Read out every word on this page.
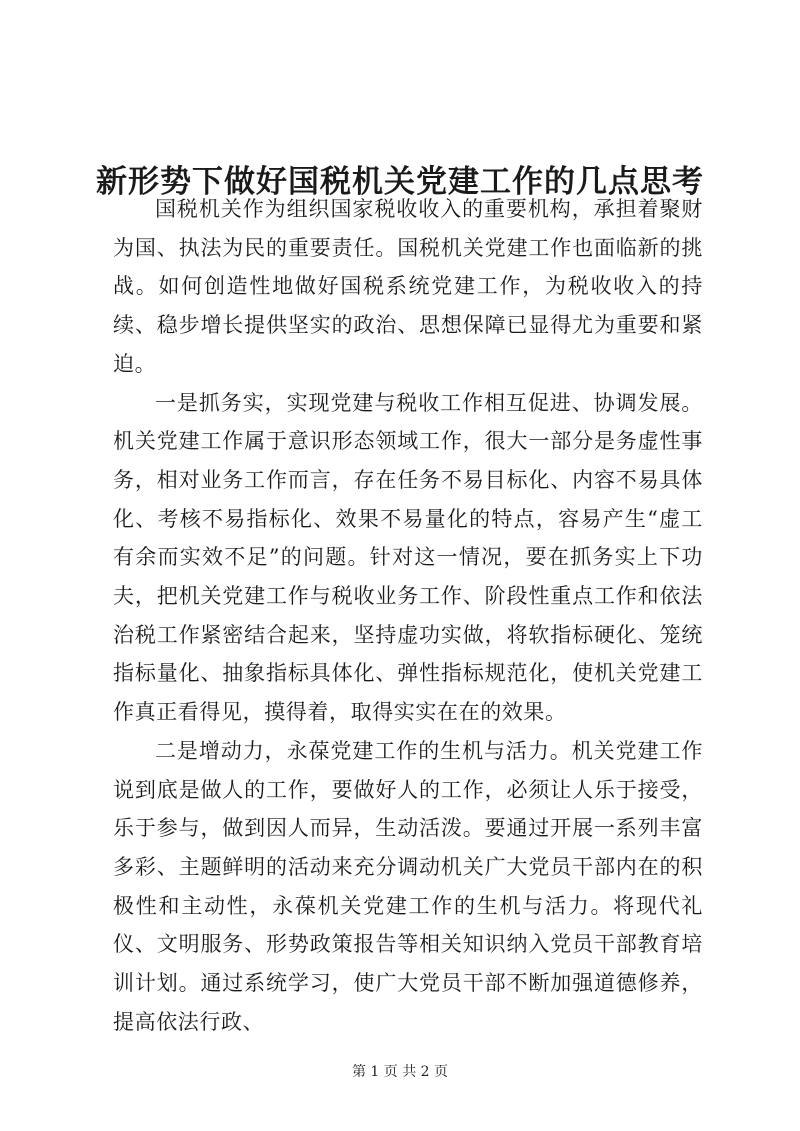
新形势下做好国税机关党建工作的几点思考

国税机关作为组织国家税收收入的重要机构，承担着聚财为国、执法为民的重要责任。国税机关党建工作也面临新的挑战。如何创造性地做好国税系统党建工作，为税收收入的持续、稳步增长提供坚实的政治、思想保障已显得尤为重要和紧迫。

一是抓务实，实现党建与税收工作相互促进、协调发展。机关党建工作属于意识形态领域工作，很大一部分是务虚性事务，相对业务工作而言，存在任务不易目标化、内容不易具体化、考核不易指标化、效果不易量化的特点，容易产生“虚工有余而实效不足”的问题。针对这一情况，要在抓务实上下功夫，把机关党建工作与税收业务工作、阶段性重点工作和依法治税工作紧密结合起来，坚持虚功实做，将软指标硬化、笼统指标量化、抽象指标具体化、弹性指标规范化，使机关党建工作真正看得见，摸得着，取得实实在在的效果。

二是增动力，永葆党建工作的生机与活力。机关党建工作说到底是做人的工作，要做好人的工作，必须让人乐于接受，乐于参与，做到因人而异，生动活泼。要通过开展一系列丰富多彩、主题鲜明的活动来充分调动机关广大党员干部内在的积极性和主动性，永葆机关党建工作的生机与活力。将现代礼仪、文明服务、形势政策报告等相关知识纳入党员干部教育培训计划。通过系统学习，使广大党员干部不断加强道德修养，提高依法行政、

第 1 页 共 2 页
